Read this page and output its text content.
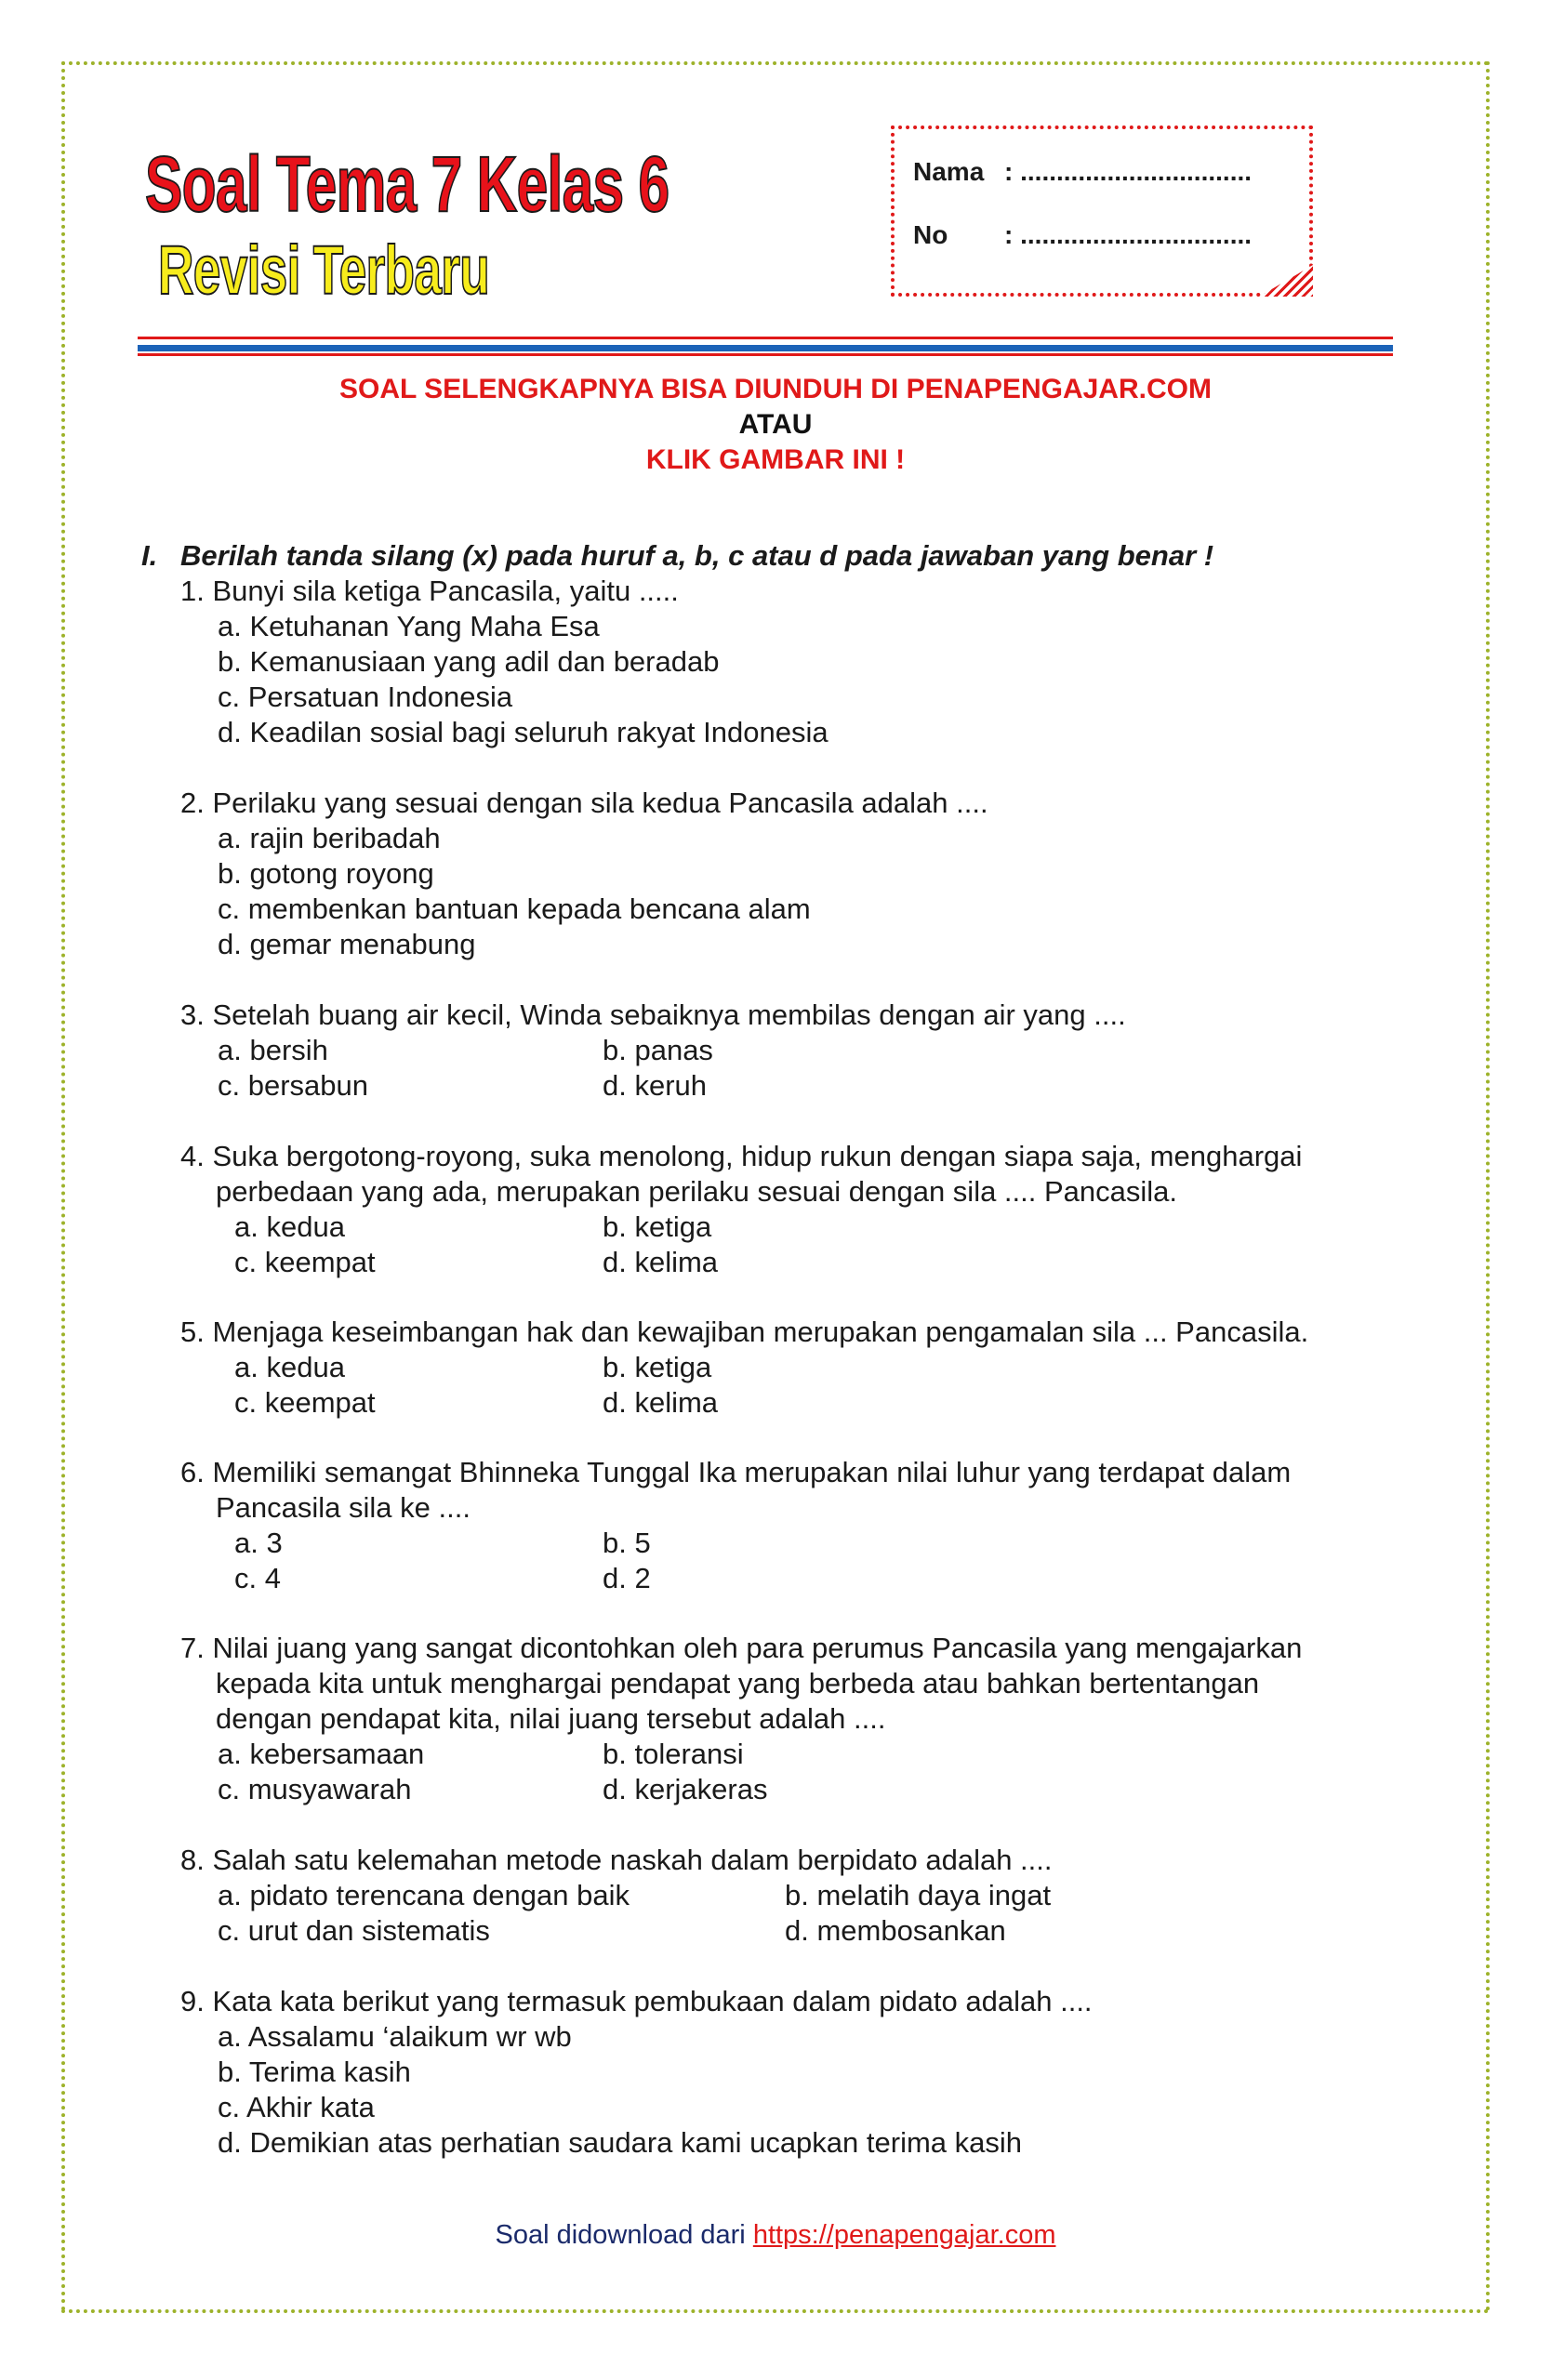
Soal Tema 7 Kelas 6
Revisi Terbaru
Nama : ................................
No : ................................
SOAL SELENGKAPNYA BISA DIUNDUH DI PENAPENGAJAR.COM
ATAU
KLIK GAMBAR INI !
I. Berilah tanda silang (x) pada huruf a, b, c atau d pada jawaban yang benar !
1. Bunyi sila ketiga Pancasila, yaitu .....
a. Ketuhanan Yang Maha Esa
b. Kemanusiaan yang adil dan beradab
c. Persatuan Indonesia
d. Keadilan sosial bagi seluruh rakyat Indonesia
2. Perilaku yang sesuai dengan sila kedua Pancasila adalah ....
a. rajin beribadah
b. gotong royong
c. membenkan bantuan kepada bencana alam
d. gemar menabung
3. Setelah buang air kecil, Winda sebaiknya membilas dengan air yang ....
a. bersih	b. panas
c. bersabun	d. keruh
4. Suka bergotong-royong, suka menolong, hidup rukun dengan siapa saja, menghargai
perbedaan yang ada, merupakan perilaku sesuai dengan sila .... Pancasila.
a. kedua	b. ketiga
c. keempat	d. kelima
5. Menjaga keseimbangan hak dan kewajiban merupakan pengamalan sila ... Pancasila.
a. kedua	b. ketiga
c. keempat	d. kelima
6. Memiliki semangat Bhinneka Tunggal Ika merupakan nilai luhur yang terdapat dalam
Pancasila sila ke ....
a. 3	b. 5
c. 4	d. 2
7. Nilai juang yang sangat dicontohkan oleh para perumus Pancasila yang mengajarkan
kepada kita untuk menghargai pendapat yang berbeda atau bahkan bertentangan
dengan pendapat kita, nilai juang tersebut adalah ....
a. kebersamaan	b. toleransi
c. musyawarah	d. kerjakeras
8. Salah satu kelemahan metode naskah dalam berpidato adalah ....
a. pidato terencana dengan baik	b. melatih daya ingat
c. urut dan sistematis	d. membosankan
9. Kata kata berikut yang termasuk pembukaan dalam pidato adalah ....
a. Assalamu ‘alaikum wr wb
b. Terima kasih
c. Akhir kata
d. Demikian atas perhatian saudara kami ucapkan terima kasih
Soal didownload dari https://penapengajar.com
